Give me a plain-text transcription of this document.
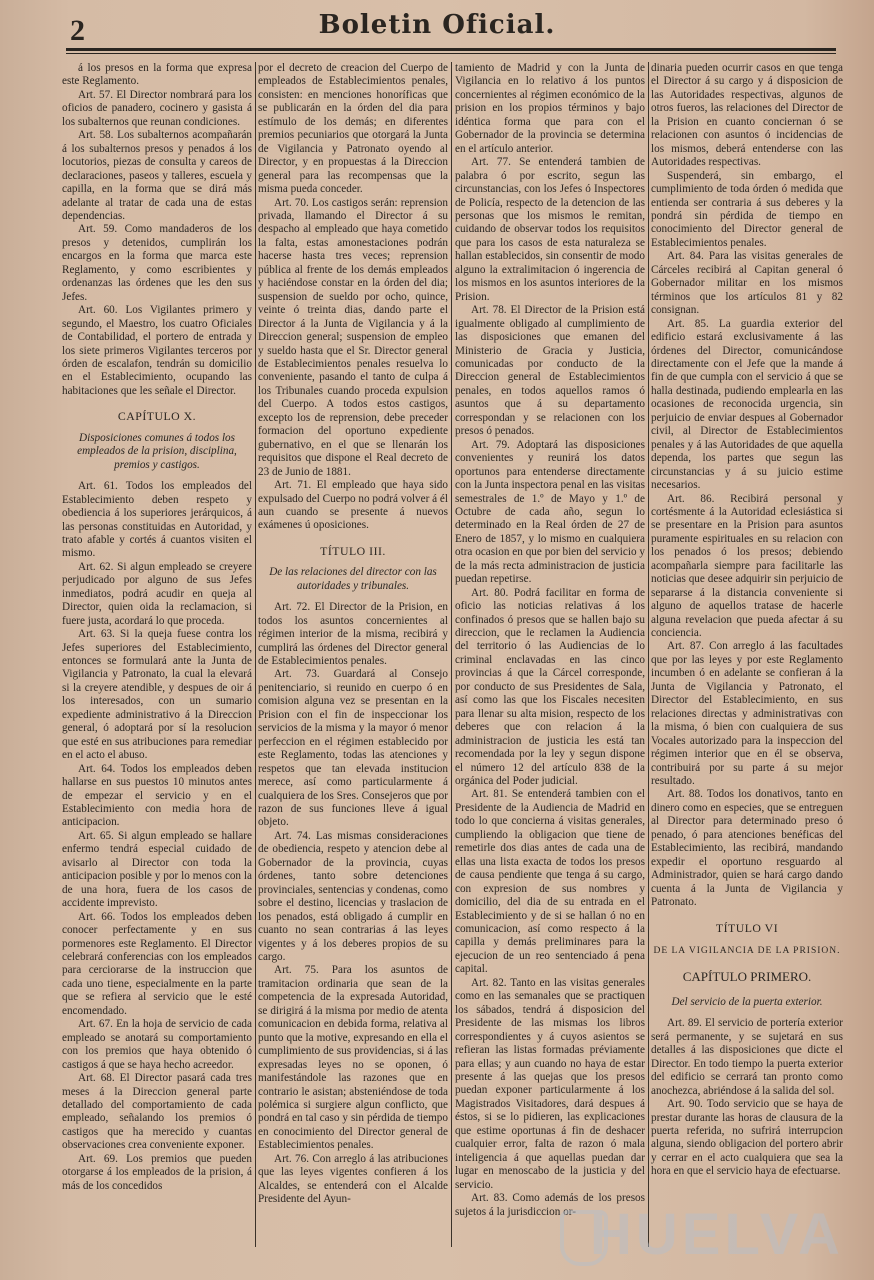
2	Boletin Oficial.

á los presos en la forma que expresa este Reglamento.

Art. 57. El Director nombrará para los oficios de panadero, cocinero y gasista á los subalternos que reunan condiciones.

Art. 58. Los subalternos acompañarán á los subalternos presos y penados á los locutorios, piezas de consulta y careos de declaraciones, paseos y talleres, escuela y capilla, en la forma que se dirá más adelante al tratar de cada una de estas dependencias.

Art. 59. Como mandaderos de los presos y detenidos, cumplirán los encargos en la forma que marca este Reglamento, y como escribientes y ordenanzas las órdenes que les den sus Jefes.

Art. 60. Los Vigilantes primero y segundo, el Maestro, los cuatro Oficiales de Contabilidad, el portero de entrada y los siete primeros Vigilantes terceros por órden de escalafon, tendrán su domicilio en el Establecimiento, ocupando las habitaciones que les señale el Director.

CAPÍTULO X.

Disposiciones comunes á todos los empleados de la prision, disciplina, premios y castigos.

Art. 61. Todos los empleados del Establecimiento deben respeto y obediencia á los superiores jerárquicos, á las personas constituidas en Autoridad, y trato afable y cortés á cuantos visiten el mismo.

Art. 62. Si algun empleado se creyere perjudicado por alguno de sus Jefes inmediatos, podrá acudir en queja al Director, quien oida la reclamacion, si fuere justa, acordará lo que proceda.

Art. 63. Si la queja fuese contra los Jefes superiores del Establecimiento, entonces se formulará ante la Junta de Vigilancia y Patronato, la cual la elevará si la creyere atendible, y despues de oir á los interesados, con un sumario expediente administrativo á la Direccion general, ó adoptará por sí la resolucion que esté en sus atribuciones para remediar en el acto el abuso.

Art. 64. Todos los empleados deben hallarse en sus puestos 10 minutos antes de empezar el servicio y en el Establecimiento con media hora de anticipacion.

Art. 65. Si algun empleado se hallare enfermo tendrá especial cuidado de avisarlo al Director con toda la anticipacion posible y por lo menos con la de una hora, fuera de los casos de accidente imprevisto.

Art. 66. Todos los empleados deben conocer perfectamente y en sus pormenores este Reglamento. El Director celebrará conferencias con los empleados para cerciorarse de la instruccion que cada uno tiene, especialmente en la parte que se refiera al servicio que le esté encomendado.

Art. 67. En la hoja de servicio de cada empleado se anotará su comportamiento con los premios que haya obtenido ó castigos á que se haya hecho acreedor.

Art. 68. El Director pasará cada tres meses á la Direccion general parte detallado del comportamiento de cada empleado, señalando los premios ó castigos que ha merecido y cuantas observaciones crea conveniente exponer.

Art. 69. Los premios que pueden otorgarse á los empleados de la prision, á más de los concedidos

por el decreto de creacion del Cuerpo de empleados de Establecimientos penales, consisten: en menciones honoríficas que se publicarán en la órden del dia para estímulo de los demás; en diferentes premios pecuniarios que otorgará la Junta de Vigilancia y Patronato oyendo al Director, y en propuestas á la Direccion general para las recompensas que la misma pueda conceder.

Art. 70. Los castigos serán: reprension privada, llamando el Director á su despacho al empleado que haya cometido la falta, estas amonestaciones podrán hacerse hasta tres veces; reprension pública al frente de los demás empleados y haciéndose constar en la órden del dia; suspension de sueldo por ocho, quince, veinte ó treinta dias, dando parte el Director á la Junta de Vigilancia y á la Direccion general; suspension de empleo y sueldo hasta que el Sr. Director general de Establecimientos penales resuelva lo conveniente, pasando el tanto de culpa á los Tribunales cuando proceda expulsion del Cuerpo. A todos estos castigos, excepto los de reprension, debe preceder formacion del oportuno expediente gubernativo, en el que se llenarán los requisitos que dispone el Real decreto de 23 de Junio de 1881.

Art. 71. El empleado que haya sido expulsado del Cuerpo no podrá volver á él aun cuando se presente á nuevos exámenes ú oposiciones.

TÍTULO III.

De las relaciones del director con las autoridades y tribunales.

Art. 72. El Director de la Prision, en todos los asuntos concernientes al régimen interior de la misma, recibirá y cumplirá las órdenes del Director general de Establecimientos penales.

Art. 73. Guardará al Consejo penitenciario, si reunido en cuerpo ó en comision alguna vez se presentan en la Prision con el fin de inspeccionar los servicios de la misma y la mayor ó menor perfeccion en el régimen establecido por este Reglamento, todas las atenciones y respetos que tan elevada institucion merece, así como particularmente á cualquiera de los Sres. Consejeros que por razon de sus funciones lleve á igual objeto.

Art. 74. Las mismas consideraciones de obediencia, respeto y atencion debe al Gobernador de la provincia, cuyas órdenes, tanto sobre detenciones provinciales, sentencias y condenas, como sobre el destino, licencias y traslacion de los penados, está obligado á cumplir en cuanto no sean contrarias á las leyes vigentes y á los deberes propios de su cargo.

Art. 75. Para los asuntos de tramitacion ordinaria que sean de la competencia de la expresada Autoridad, se dirigirá á la misma por medio de atenta comunicacion en debida forma, relativa al punto que la motive, expresando en ella el cumplimiento de sus providencias, si á las expresadas leyes no se oponen, ó manifestándole las razones que en contrario le asistan; absteniéndose de toda polémica si surgiere algun conflicto, que pondrá en tal caso y sin pérdida de tiempo en conocimiento del Director general de Establecimientos penales.

Art. 76. Con arreglo á las atribuciones que las leyes vigentes confieren á los Alcaldes, se entenderá con el Alcalde Presidente del Ayun-

tamiento de Madrid y con la Junta de Vigilancia en lo relativo á los puntos concernientes al régimen económico de la prision en los propios términos y bajo idéntica forma que para con el Gobernador de la provincia se determina en el artículo anterior.

Art. 77. Se entenderá tambien de palabra ó por escrito, segun las circunstancias, con los Jefes ó Inspectores de Policía, respecto de la detencion de las personas que los mismos le remitan, cuidando de observar todos los requisitos que para los casos de esta naturaleza se hallan establecidos, sin consentir de modo alguno la extralimitacion ó ingerencia de los mismos en los asuntos interiores de la Prision.

Art. 78. El Director de la Prision está igualmente obligado al cumplimiento de las disposiciones que emanen del Ministerio de Gracia y Justicia, comunicadas por conducto de la Direccion general de Establecimientos penales, en todos aquellos ramos ó asuntos que á su departamento correspondan y se relacionen con los presos ó penados.

Art. 79. Adoptará las disposiciones convenientes y reunirá los datos oportunos para entenderse directamente con la Junta inspectora penal en las visitas semestrales de 1.º de Mayo y 1.º de Octubre de cada año, segun lo determinado en la Real órden de 27 de Enero de 1857, y lo mismo en cualquiera otra ocasion en que por bien del servicio y de la más recta administracion de justicia puedan repetirse.

Art. 80. Podrá facilitar en forma de oficio las noticias relativas á los confinados ó presos que se hallen bajo su direccion, que le reclamen la Audiencia del territorio ó las Audiencias de lo criminal enclavadas en las cinco provincias á que la Cárcel corresponde, por conducto de sus Presidentes de Sala, así como las que los Fiscales necesiten para llenar su alta mision, respecto de los deberes que con relacion á la administracion de justicia les está tan recomendada por la ley y segun dispone el número 12 del artículo 838 de la orgánica del Poder judicial.

Art. 81. Se entenderá tambien con el Presidente de la Audiencia de Madrid en todo lo que concierna á visitas generales, cumpliendo la obligacion que tiene de remetirle dos dias antes de cada una de ellas una lista exacta de todos los presos de causa pendiente que tenga á su cargo, con expresion de sus nombres y domicilio, del dia de su entrada en el Establecimiento y de si se hallan ó no en comunicacion, así como respecto á la capilla y demás preliminares para la ejecucion de un reo sentenciado á pena capital.

Art. 82. Tanto en las visitas generales como en las semanales que se practiquen los sábados, tendrá á disposicion del Presidente de las mismas los libros correspondientes y á cuyos asientos se refieran las listas formadas préviamente para ellas; y aun cuando no haya de estar presente á las quejas que los presos puedan exponer particularmente á los Magistrados Visitadores, dará despues á éstos, si se lo pidieren, las explicaciones que estime oportunas á fin de deshacer cualquier error, falta de razon ó mala inteligencia á que aquellas puedan dar lugar en menoscabo de la justicia y del servicio.

Art. 83. Como además de los presos sujetos á la jurisdiccion or-

dinaria pueden ocurrir casos en que tenga el Director á su cargo y á disposicion de las Autoridades respectivas, algunos de otros fueros, las relaciones del Director de la Prision en cuanto conciernan ó se relacionen con asuntos ó incidencias de los mismos, deberá entenderse con las Autoridades respectivas.

Suspenderá, sin embargo, el cumplimiento de toda órden ó medida que entienda ser contraria á sus deberes y la pondrá sin pérdida de tiempo en conocimiento del Director general de Establecimientos penales.

Art. 84. Para las visitas generales de Cárceles recibirá al Capitan general ó Gobernador militar en los mismos términos que los artículos 81 y 82 consignan.

Art. 85. La guardia exterior del edificio estará exclusivamente á las órdenes del Director, comunicándose directamente con el Jefe que la mande á fin de que cumpla con el servicio á que se halla destinada, pudiendo emplearla en las ocasiones de reconocida urgencia, sin perjuicio de enviar despues al Gobernador civil, al Director de Establecimientos penales y á las Autoridades de que aquella dependa, los partes que segun las circunstancias y á su juicio estime necesarios.

Art. 86. Recibirá personal y cortésmente á la Autoridad eclesiástica si se presentare en la Prision para asuntos puramente espirituales en su relacion con los penados ó los presos; debiendo acompañarla siempre para facilitarle las noticias que desee adquirir sin perjuicio de separarse á la distancia conveniente si alguno de aquellos tratase de hacerle alguna revelacion que pueda afectar á su conciencia.

Art. 87. Con arreglo á las facultades que por las leyes y por este Reglamento incumben ó en adelante se confieran á la Junta de Vigilancia y Patronato, el Director del Establecimiento, en sus relaciones directas y administrativas con la misma, ó bien con cualquiera de sus Vocales autorizado para la inspeccion del régimen interior que en él se observa, contribuirá por su parte á su mejor resultado.

Art. 88. Todos los donativos, tanto en dinero como en especies, que se entreguen al Director para determinado preso ó penado, ó para atenciones benéficas del Establecimiento, las recibirá, mandando expedir el oportuno resguardo al Administrador, quien se hará cargo dando cuenta á la Junta de Vigilancia y Patronato.

TÍTULO VI

DE LA VIGILANCIA DE LA PRISION.

CAPÍTULO PRIMERO.

Del servicio de la puerta exterior.

Art. 89. El servicio de portería exterior será permanente, y se sujetará en sus detalles á las disposiciones que dicte el Director. En todo tiempo la puerta exterior del edificio se cerrará tan pronto como anochezca, abriéndose á la salida del sol.

Art. 90. Todo servicio que se haya de prestar durante las horas de clausura de la puerta referida, no sufrirá interrupcion alguna, siendo obligacion del portero abrir y cerrar en el acto cualquiera que sea la hora en que el servicio haya de efectuarse.

HUELVA
